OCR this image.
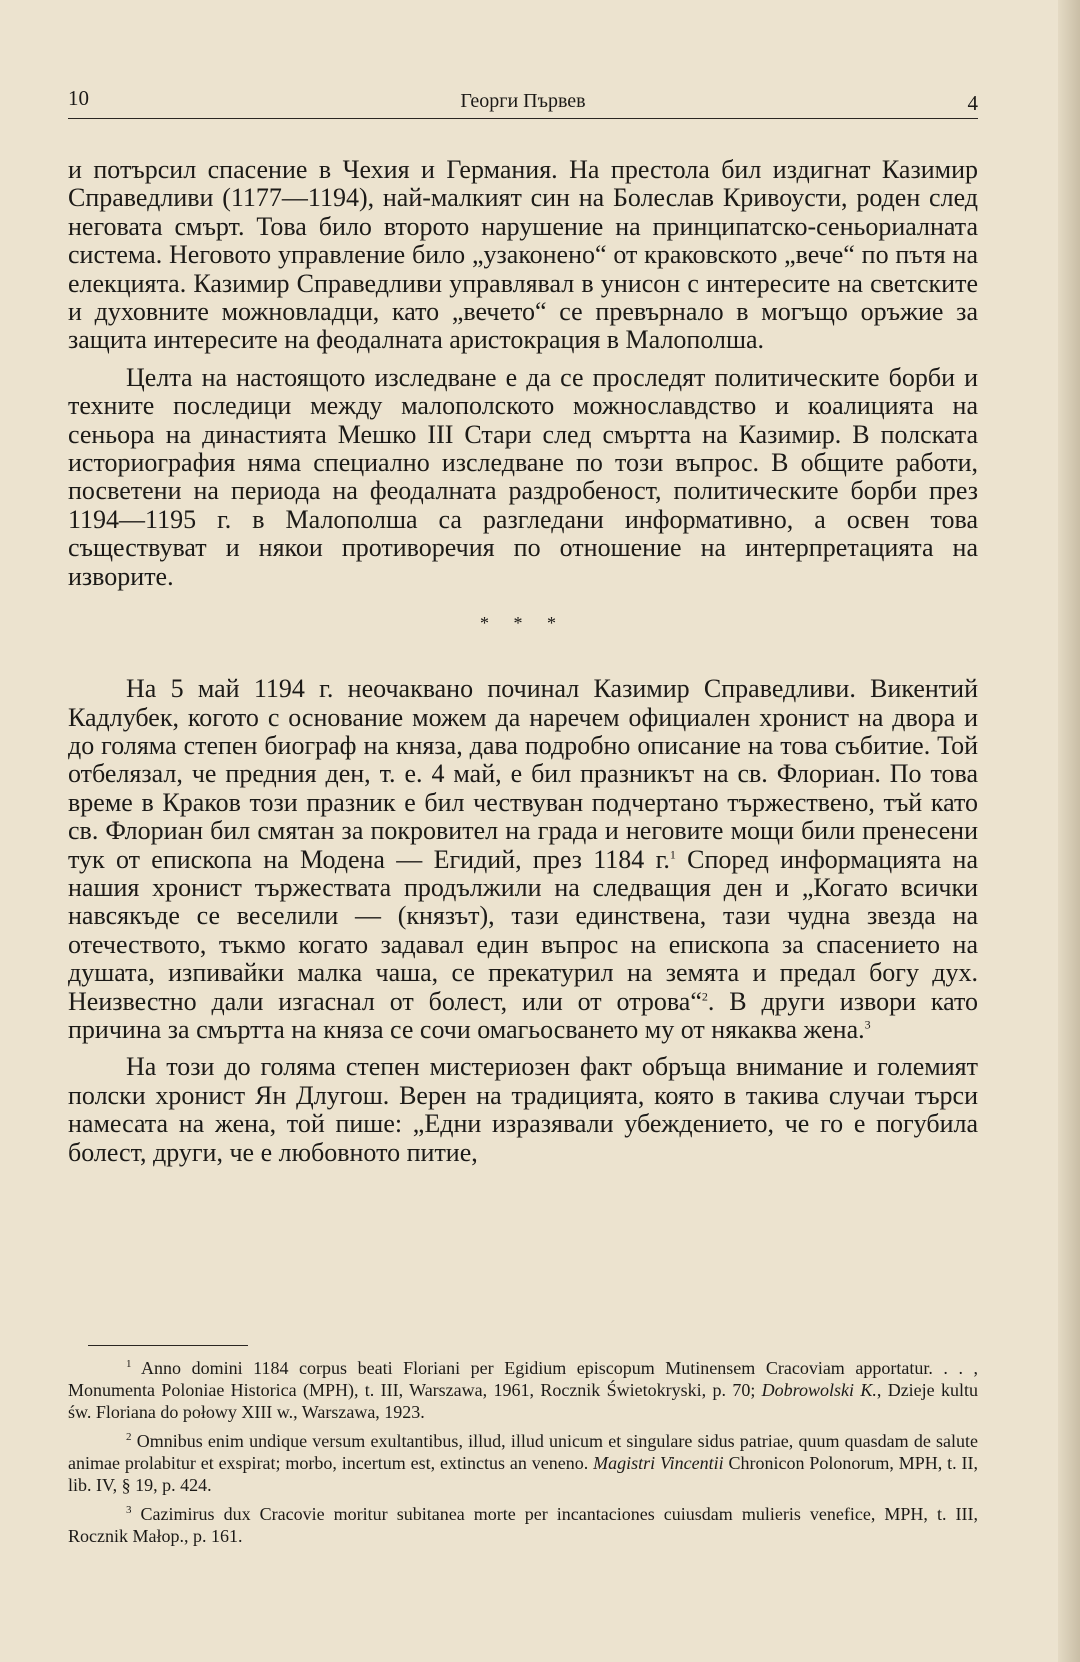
10	Георги Първев	4

и потърсил спасение в Чехия и Германия. На престола бил издигнат Казимир Справедливи (1177—1194), най-малкият син на Болеслав Кривоусти, роден след неговата смърт. Това било второто нарушение на принципатско-сеньориалната система. Неговото управление било „узаконено“ от краковското „вече“ по пътя на елекцията. Казимир Справедливи управлявал в унисон с интересите на светските и духовните можновладци, като „вечето“ се превърнало в могъщо оръжие за защита интересите на феодалната аристокрация в Малополша.

Целта на настоящото изследване е да се проследят политическите борби и техните последици между малополското можнославдство и коалицията на сеньора на династията Мешко III Стари след смъртта на Казимир. В полската историография няма специално изследване по този въпрос. В общите работи, посветени на периода на феодалната раздробеност, политическите борби през 1194—1195 г. в Малополша са разгледани информативно, а освен това съществуват и някои противоречия по отношение на интерпретацията на изворите.

* * *

На 5 май 1194 г. неочаквано починал Казимир Справедливи. Викентий Кадлубек, когото с основание можем да наречем официален хронист на двора и до голяма степен биограф на княза, дава подробно описание на това събитие. Той отбелязал, че предния ден, т. е. 4 май, е бил празникът на св. Флориан. По това време в Краков този празник е бил чествуван подчертано тържествено, тъй като св. Флориан бил смятан за покровител на града и неговите мощи били пренесени тук от епископа на Модена — Егидий, през 1184 г.$^1$ Според информацията на нашия хронист тържествата продължили на следващия ден и „Когато всички навсякъде се веселили — (князът), тази единствена, тази чудна звезда на отечеството, тъкмо когато задавал един въпрос на епископа за спасението на душата, изпивайки малка чаша, се прекатурил на земята и предал богу дух. Неизвестно дали изгаснал от болест, или от отрова“$^2$. В други извори като причина за смъртта на княза се сочи омагьосването му от някаква жена.$^3$

На този до голяма степен мистериозен факт обръща внимание и големият полски хронист Ян Длугош. Верен на традицията, която в такива случаи търси намесата на жена, той пише: „Едни изразявали убеждението, че го е погубила болест, други, че е любовното питие,

$^1$ Anno domini 1184 corpus beati Floriani per Egidium episcopum Mutinensem Cracoviam apportatur. . . , Monumenta Poloniae Historica (MPH), t. III, Warszawa, 1961, Rocznik Świetokryski, p. 70; Dobrowolski K., Dzieje kultu św. Floriana do połowy XIII w., Warszawa, 1923.

$^2$ Omnibus enim undique versum exultantibus, illud, illud unicum et singulare sidus patriae, quum quasdam de salute animae prolabitur et exspirat; morbo, incertum est, extinctus an veneno. Magistri Vincentii Chronicon Polonorum, MPH, t. II, lib. IV, § 19, p. 424.

$^3$ Cazimirus dux Cracovie moritur subitanea morte per incantaciones cuiusdam mulieris venefice, MPH, t. III, Rocznik Małop., p. 161.
